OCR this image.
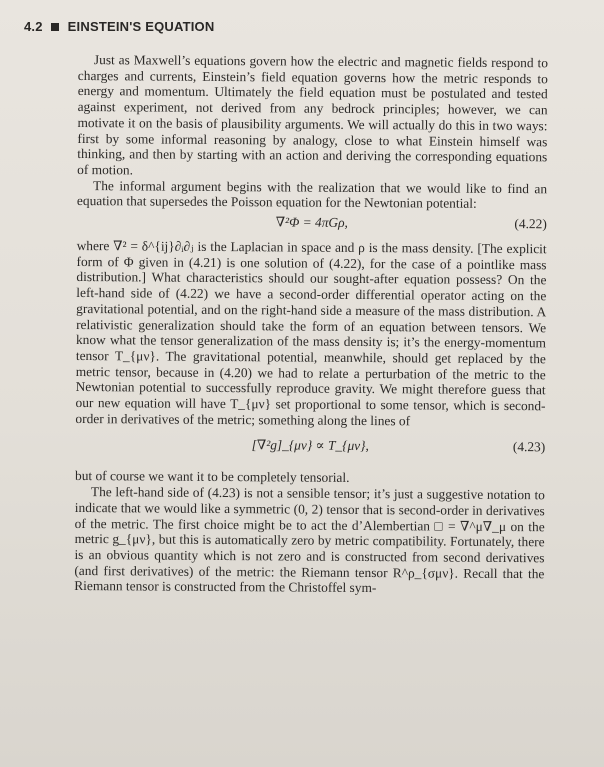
4.2 EINSTEIN'S EQUATION

Just as Maxwell’s equations govern how the electric and magnetic fields respond to charges and currents, Einstein’s field equation governs how the metric responds to energy and momentum. Ultimately the field equation must be postulated and tested against experiment, not derived from any bedrock principles; however, we can motivate it on the basis of plausibility arguments. We will actually do this in two ways: first by some informal reasoning by analogy, close to what Einstein himself was thinking, and then by starting with an action and deriving the corresponding equations of motion.

The informal argument begins with the realization that we would like to find an equation that supersedes the Poisson equation for the Newtonian potential:

∇²Φ = 4πGρ,	(4.22)

where ∇² = δ^{ij}∂ᵢ∂ⱼ is the Laplacian in space and ρ is the mass density. [The explicit form of Φ given in (4.21) is one solution of (4.22), for the case of a pointlike mass distribution.] What characteristics should our sought-after equation possess? On the left-hand side of (4.22) we have a second-order differential operator acting on the gravitational potential, and on the right-hand side a measure of the mass distribution. A relativistic generalization should take the form of an equation between tensors. We know what the tensor generalization of the mass density is; it’s the energy-momentum tensor T_{μν}. The gravitational potential, meanwhile, should get replaced by the metric tensor, because in (4.20) we had to relate a perturbation of the metric to the Newtonian potential to successfully reproduce gravity. We might therefore guess that our new equation will have T_{μν} set proportional to some tensor, which is second-order in derivatives of the metric; something along the lines of

[∇²g]_{μν} ∝ T_{μν},	(4.23)

but of course we want it to be completely tensorial.

The left-hand side of (4.23) is not a sensible tensor; it’s just a suggestive notation to indicate that we would like a symmetric (0, 2) tensor that is second-order in derivatives of the metric. The first choice might be to act the d’Alembertian □ = ∇^μ∇_μ on the metric g_{μν}, but this is automatically zero by metric compatibility. Fortunately, there is an obvious quantity which is not zero and is constructed from second derivatives (and first derivatives) of the metric: the Riemann tensor R^ρ_{σμν}. Recall that the Riemann tensor is constructed from the Christoffel sym-
